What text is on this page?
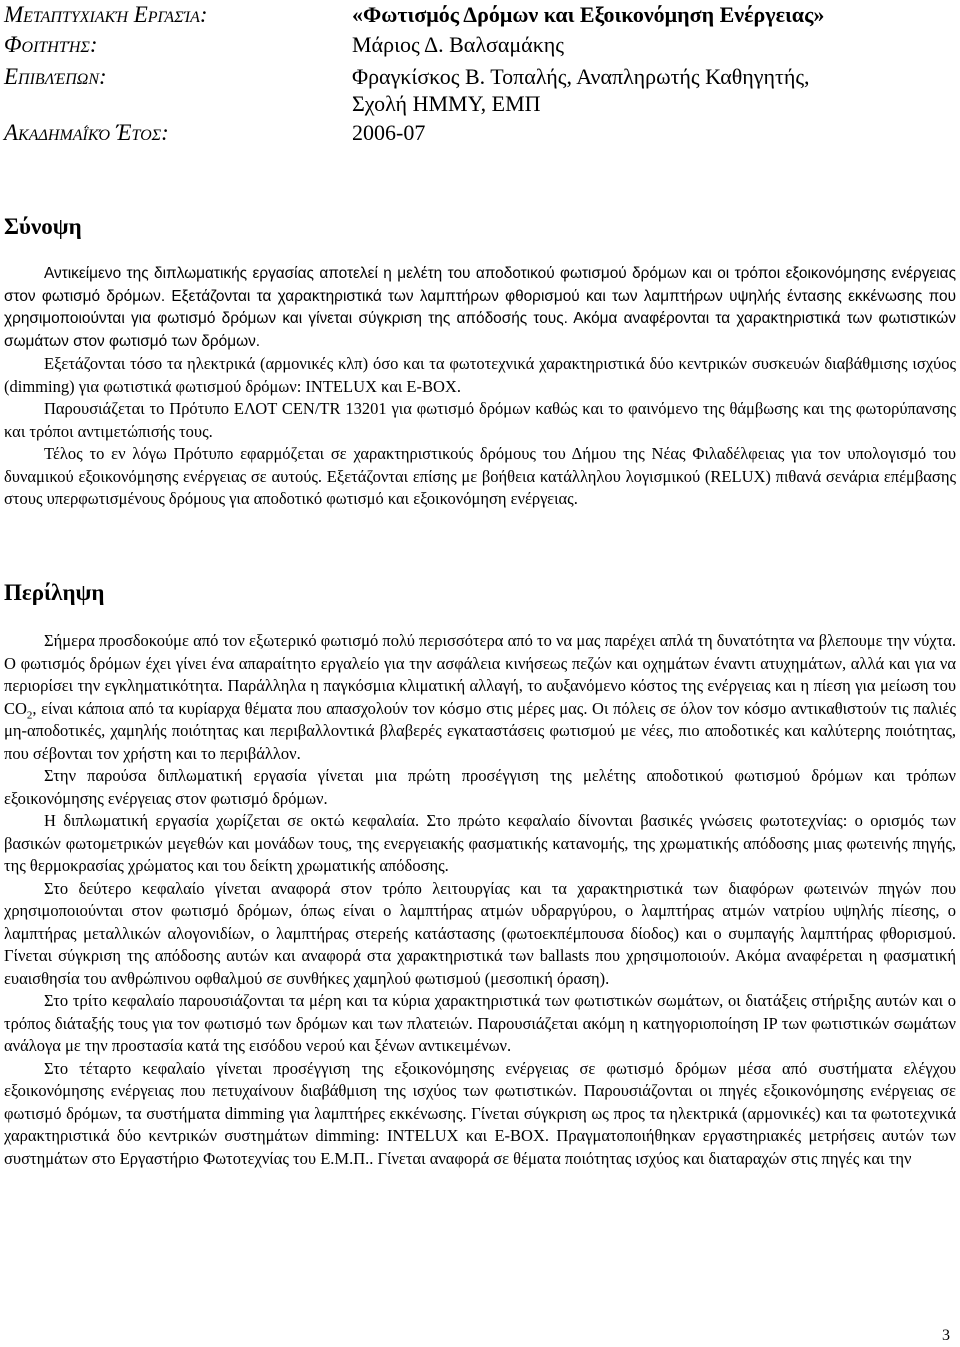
Μεταπτυχιακή Εργασία:	«Φωτισμός Δρόμων και Εξοικονόμηση Ενέργειας»
Φοιτητής:	Μάριος Δ. Βαλσαμάκης
Επιβλέπων:	Φραγκίσκος Β. Τοπαλής, Αναπληρωτής Καθηγητής,
Σχολή ΗΜΜΥ, ΕΜΠ
Ακαδημαΐκό Έτος:	2006-07
Σύνοψη

Αντικείμενο της διπλωματικής εργασίας αποτελεί η μελέτη του αποδοτικού φωτισμού δρόμων και οι τρόποι εξοικονόμησης ενέργειας στον φωτισμό δρόμων. Εξετάζονται τα χαρακτηριστικά των λαμπτήρων φθορισμού και των λαμπτήρων υψηλής έντασης εκκένωσης που χρησιμοποιούνται για φωτισμό δρόμων και γίνεται σύγκριση της απόδοσής τους. Ακόμα αναφέρονται τα χαρακτηριστικά των φωτιστικών σωμάτων στον φωτισμό των δρόμων.

Εξετάζονται τόσο τα ηλεκτρικά (αρμονικές κλπ) όσο και τα φωτοτεχνικά χαρακτηριστικά δύο κεντρικών συσκευών διαβάθμισης ισχύος (dimming) για φωτιστικά φωτισμού δρόμων: INTELUX και E-BOX.

Παρουσιάζεται το Πρότυπο ΕΛΟΤ CEN/TR 13201 για φωτισμό δρόμων καθώς και το φαινόμενο της θάμβωσης και της φωτορύπανσης και τρόποι αντιμετώπισής τους.

Τέλος το εν λόγω Πρότυπο εφαρμόζεται σε χαρακτηριστικούς δρόμους του Δήμου της Νέας Φιλαδέλφειας για τον υπολογισμό του δυναμικού εξοικονόμησης ενέργειας σε αυτούς. Εξετάζονται επίσης με βοήθεια κατάλληλου λογισμικού (RELUX) πιθανά σενάρια επέμβασης στους υπερφωτισμένους δρόμους για αποδοτικό φωτισμό και εξοικονόμηση ενέργειας.

Περίληψη

Σήμερα προσδοκούμε από τον εξωτερικό φωτισμό πολύ περισσότερα από το να μας παρέχει απλά τη δυνατότητα να βλεπουμε την νύχτα. Ο φωτισμός δρόμων έχει γίνει ένα απαραίτητο εργαλείο για την ασφάλεια κινήσεως πεζών και οχημάτων έναντι ατυχημάτων, αλλά και για να περιορίσει την εγκληματικότητα. Παράλληλα η παγκόσμια κλιματική αλλαγή, το αυξανόμενο κόστος της ενέργειας και η πίεση για μείωση του $CO_2$, είναι κάποια από τα κυρίαρχα θέματα που απασχολούν τον κόσμο στις μέρες μας. Οι πόλεις σε όλον τον κόσμο αντικαθιστούν τις παλιές μη-αποδοτικές, χαμηλής ποιότητας και περιβαλλοντικά βλαβερές εγκαταστάσεις φωτισμού με νέες, πιο αποδοτικές και καλύτερης ποιότητας, που σέβονται τον χρήστη και το περιβάλλον.

Στην παρούσα διπλωματική εργασία γίνεται μια πρώτη προσέγγιση της μελέτης αποδοτικού φωτισμού δρόμων και τρόπων εξοικονόμησης ενέργειας στον φωτισμό δρόμων.

Η διπλωματική εργασία χωρίζεται σε οκτώ κεφαλαία. Στο πρώτο κεφαλαίο δίνονται βασικές γνώσεις φωτοτεχνίας: ο ορισμός των βασικών φωτομετρικών μεγεθών και μονάδων τους, της ενεργειακής φασματικής κατανομής, της χρωματικής απόδοσης μιας φωτεινής πηγής, της θερμοκρασίας χρώματος και του δείκτη χρωματικής απόδοσης.

Στο δεύτερο κεφαλαίο γίνεται αναφορά στον τρόπο λειτουργίας και τα χαρακτηριστικά των διαφόρων φωτεινών πηγών που χρησιμοποιούνται στον φωτισμό δρόμων, όπως είναι ο λαμπτήρας ατμών υδραργύρου, ο λαμπτήρας ατμών νατρίου υψηλής πίεσης, ο λαμπτήρας μεταλλικών αλογονιδίων, ο λαμπτήρας στερεής κατάστασης (φωτοεκπέμπουσα δίοδος) και ο συμπαγής λαμπτήρας φθορισμού. Γίνεται σύγκριση της απόδοσης αυτών και αναφορά στα χαρακτηριστικά των ballasts που χρησιμοποιούν. Ακόμα αναφέρεται η φασματική ευαισθησία του ανθρώπινου οφθαλμού σε συνθήκες χαμηλού φωτισμού (μεσοπική όραση).

Στο τρίτο κεφαλαίο παρουσιάζονται τα μέρη και τα κύρια χαρακτηριστικά των φωτιστικών σωμάτων, οι διατάξεις στήριξης αυτών και ο τρόπος διάταξής τους για τον φωτισμό των δρόμων και των πλατειών. Παρουσιάζεται ακόμη η κατηγοριοποίηση IP των φωτιστικών σωμάτων ανάλογα με την προστασία κατά της εισόδου νερού και ξένων αντικειμένων.

Στο τέταρτο κεφαλαίο γίνεται προσέγγιση της εξοικονόμησης ενέργειας σε φωτισμό δρόμων μέσα από συστήματα ελέγχου εξοικονόμησης ενέργειας που πετυχαίνουν διαβάθμιση της ισχύος των φωτιστικών. Παρουσιάζονται οι πηγές εξοικονόμησης ενέργειας σε φωτισμό δρόμων, τα συστήματα dimming για λαμπτήρες εκκένωσης. Γίνεται σύγκριση ως προς τα ηλεκτρικά (αρμονικές) και τα φωτοτεχνικά χαρακτηριστικά δύο κεντρικών συστημάτων dimming: INTELUX και E-BOX. Πραγματοποιήθηκαν εργαστηριακές μετρήσεις αυτών των συστημάτων στο Εργαστήριο Φωτοτεχνίας του Ε.Μ.Π.. Γίνεται αναφορά σε θέματα ποιότητας ισχύος και διαταραχών στις πηγές και την

3
